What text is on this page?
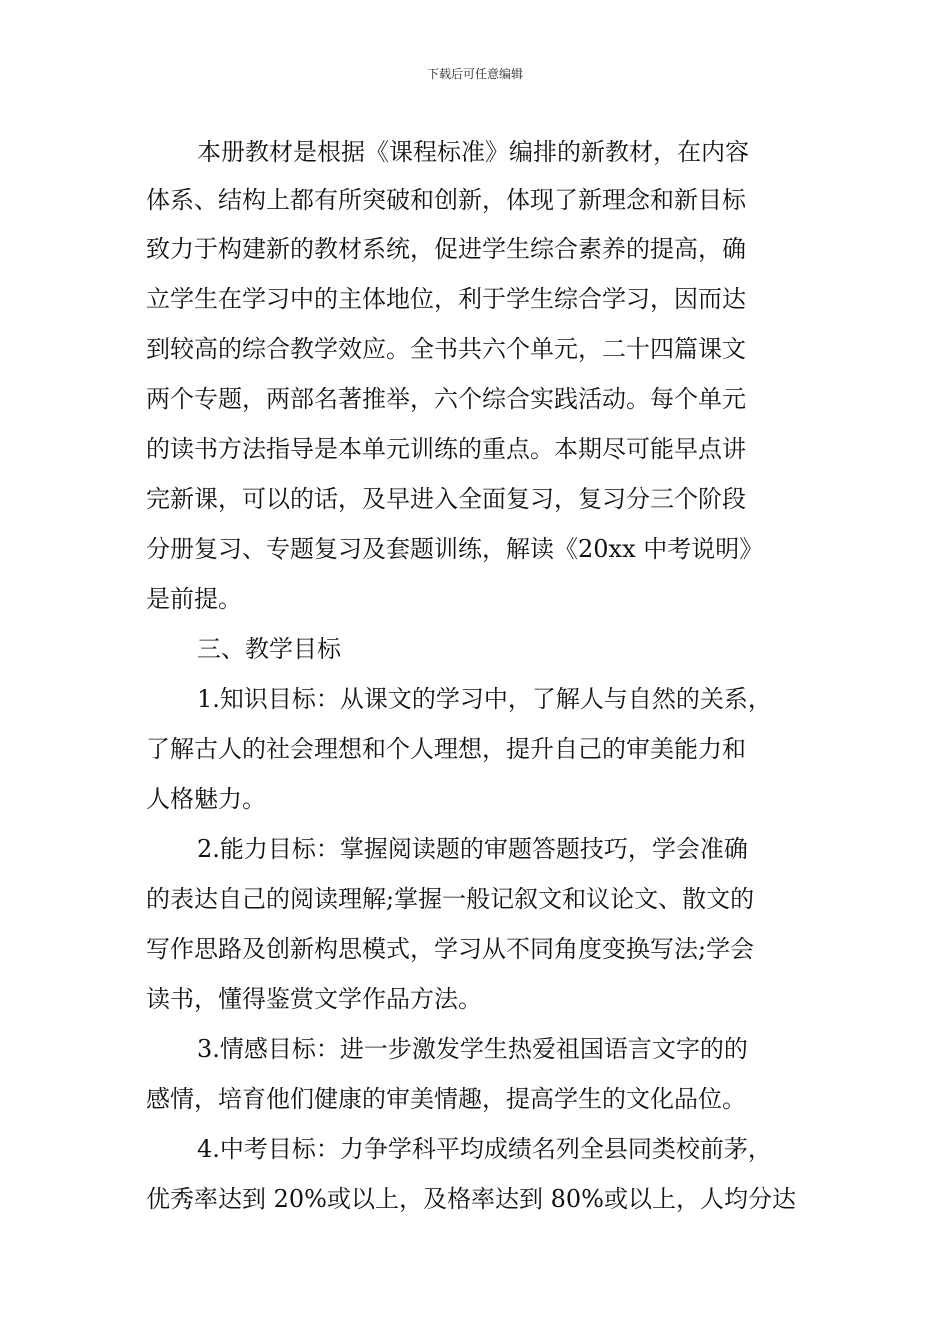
下载后可任意编辑
本册教材是根据《课程标准》编排的新教材，在内容
体系、结构上都有所突破和创新，体现了新理念和新目标
致力于构建新的教材系统，促进学生综合素养的提高，确
立学生在学习中的主体地位，利于学生综合学习，因而达
到较高的综合教学效应。全书共六个单元，二十四篇课文
两个专题，两部名著推举，六个综合实践活动。每个单元
的读书方法指导是本单元训练的重点。本期尽可能早点讲
完新课，可以的话，及早进入全面复习，复习分三个阶段
分册复习、专题复习及套题训练，解读《20xx 中考说明》
是前提。
三、教学目标
1.知识目标：从课文的学习中，了解人与自然的关系，
了解古人的社会理想和个人理想，提升自己的审美能力和
人格魅力。
2.能力目标：掌握阅读题的审题答题技巧，学会准确
的表达自己的阅读理解;掌握一般记叙文和议论文、散文的
写作思路及创新构思模式，学习从不同角度变换写法;学会
读书，懂得鉴赏文学作品方法。
3.情感目标：进一步激发学生热爱祖国语言文字的的
感情，培育他们健康的审美情趣，提高学生的文化品位。
4.中考目标：力争学科平均成绩名列全县同类校前茅，
优秀率达到 20%或以上，及格率达到 80%或以上，人均分达
